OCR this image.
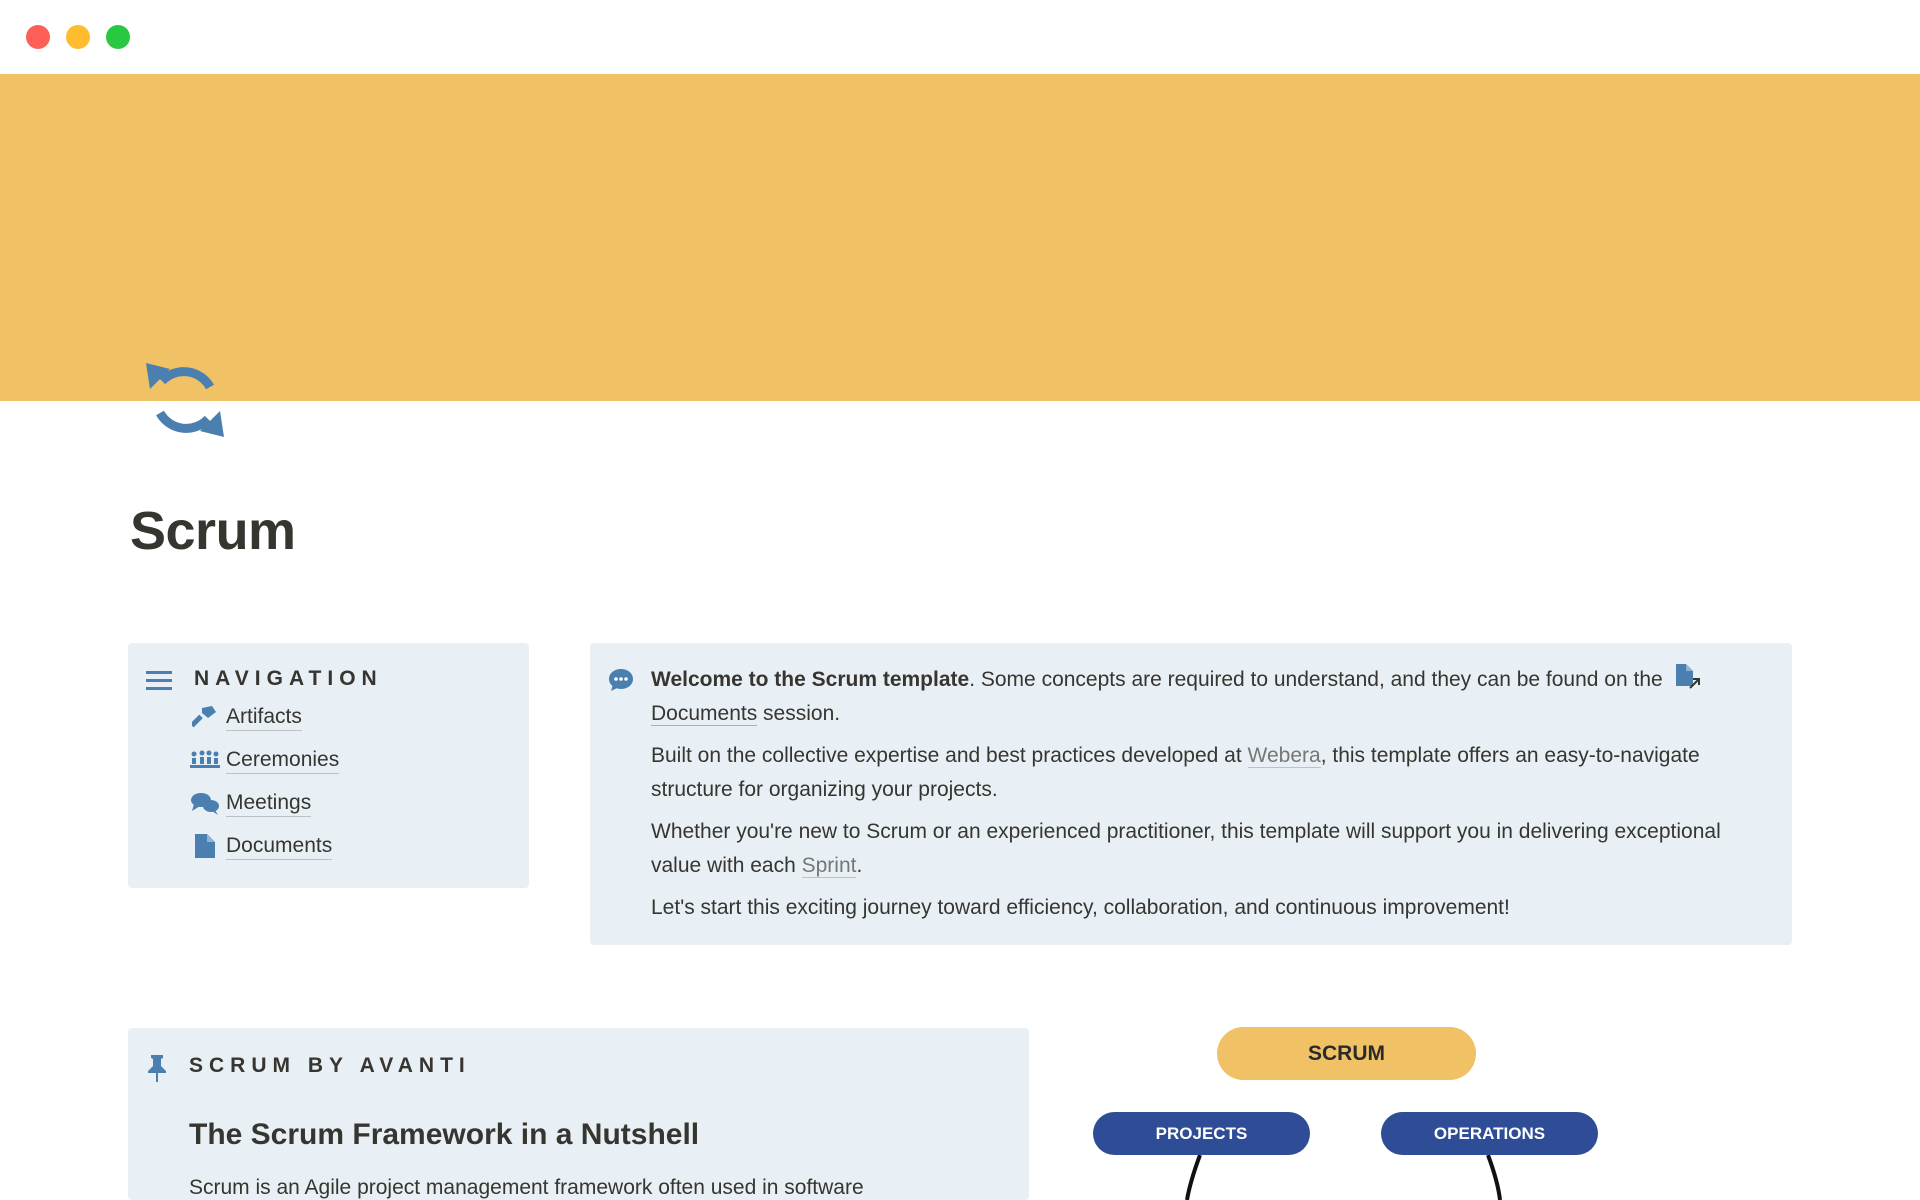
Scrum
NAVIGATION
Artifacts
Ceremonies
Meetings
Documents

Welcome to the Scrum template. Some concepts are required to understand, and they can be found on the
Documents session.

Built on the collective expertise and best practices developed at Webera, this template offers an easy-to-navigate structure for organizing your projects.

Whether you're new to Scrum or an experienced practitioner, this template will support you in delivering exceptional value with each Sprint.

Let's start this exciting journey toward efficiency, collaboration, and continuous improvement!

SCRUM BY AVANTI
The Scrum Framework in a Nutshell
Scrum is an Agile project management framework often used in software
SCRUM
PROJECTS	OPERATIONS
